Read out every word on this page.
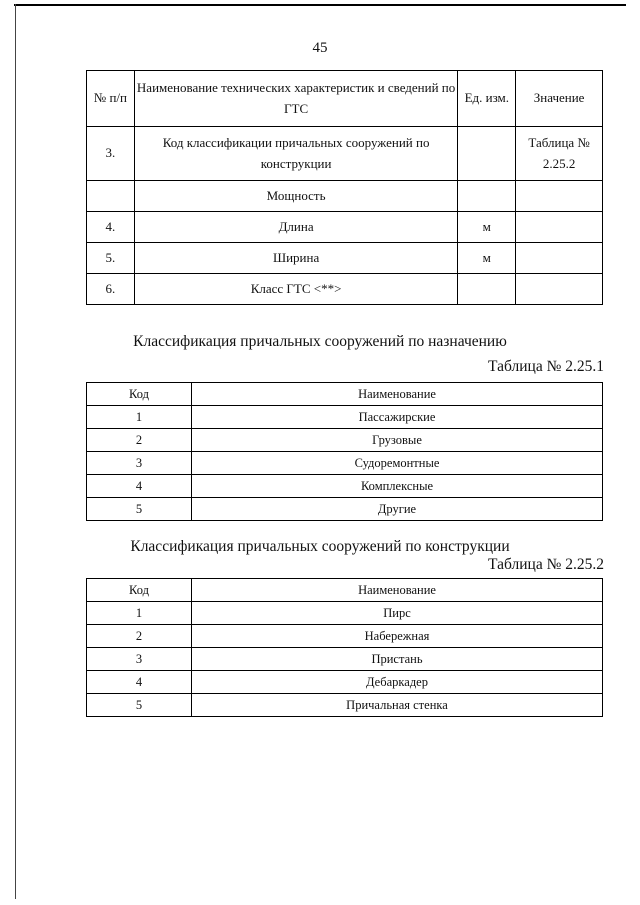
45
№ п/п	Наименование технических характеристик и сведений по ГТС	Ед. изм.	Значение
3.	Код классификации причальных сооружений по конструкции		Таблица № 2.25.2
	Мощность		
4.	Длина	м	
5.	Ширина	м	
6.	Класс ГТС <**>		
Классификация причальных сооружений по назначению
Таблица № 2.25.1
Код	Наименование
1	Пассажирские
2	Грузовые
3	Судоремонтные
4	Комплексные
5	Другие
Классификация причальных сооружений по конструкции
Таблица № 2.25.2
Код	Наименование
1	Пирс
2	Набережная
3	Пристань
4	Дебаркадер
5	Причальная стенка
